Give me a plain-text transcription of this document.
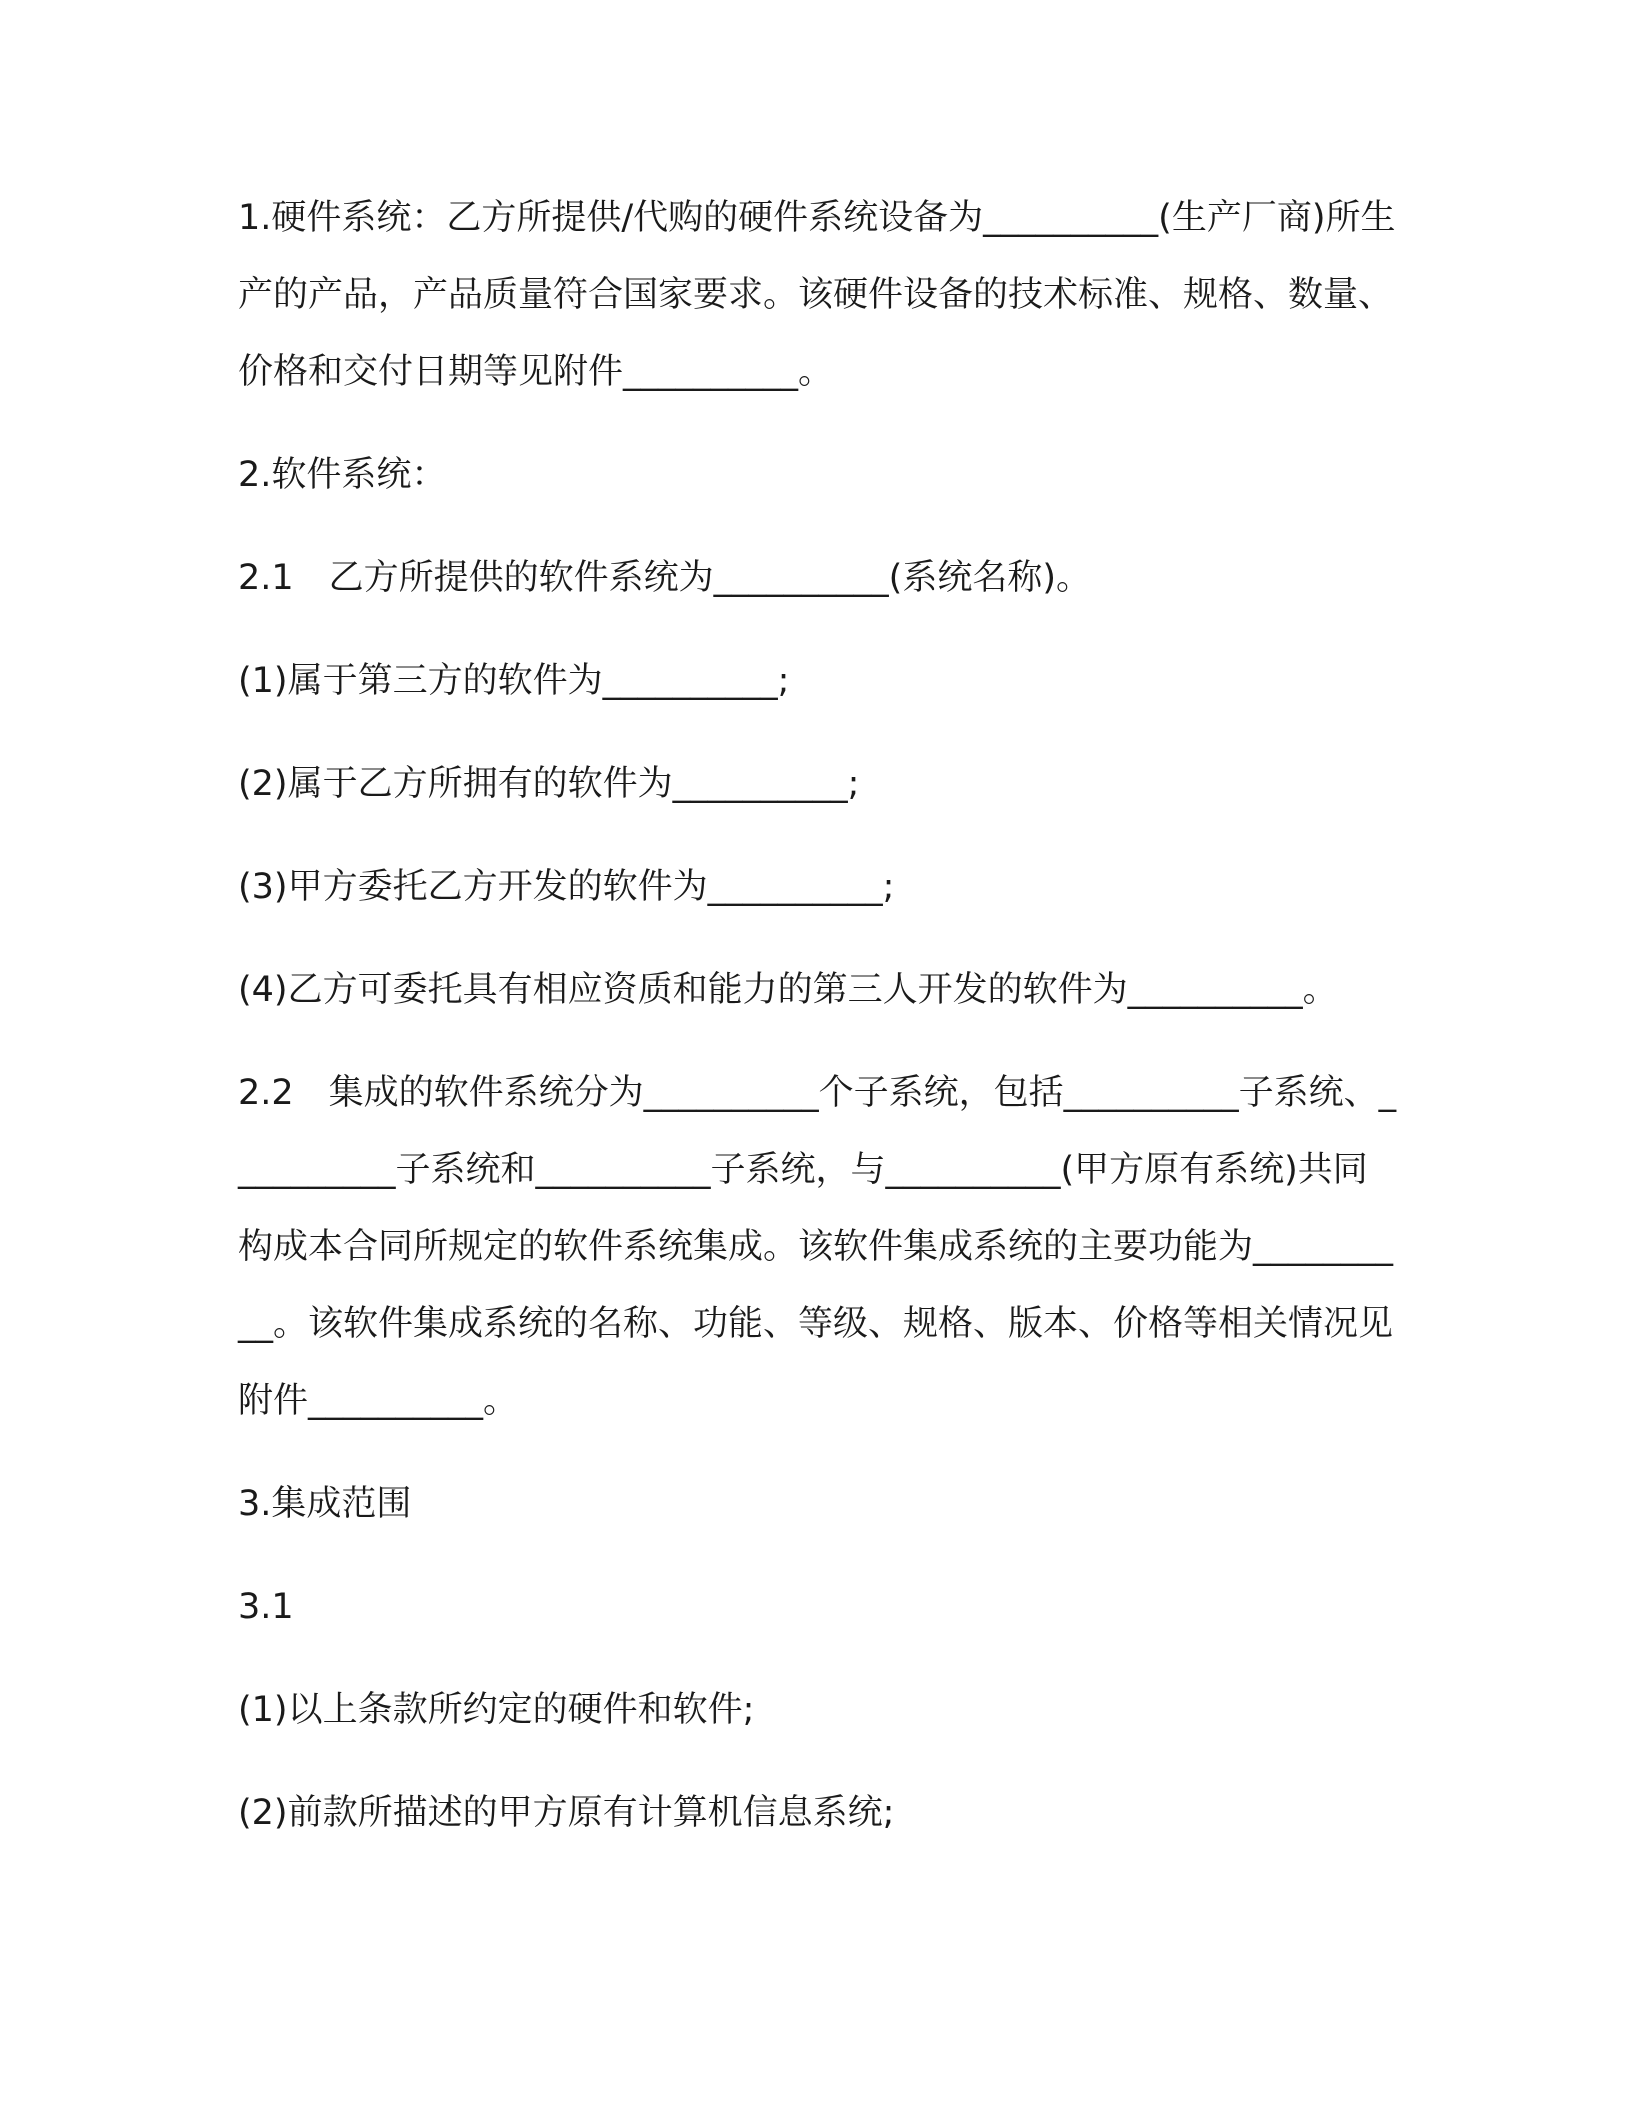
1.硬件系统：乙方所提供/代购的硬件系统设备为__________(生产厂商)所生产的产品，产品质量符合国家要求。该硬件设备的技术标准、规格、数量、价格和交付日期等见附件__________。

2.软件系统：

2.1　乙方所提供的软件系统为__________(系统名称)。

(1)属于第三方的软件为__________;

(2)属于乙方所拥有的软件为__________;

(3)甲方委托乙方开发的软件为__________;

(4)乙方可委托具有相应资质和能力的第三人开发的软件为__________。

2.2　集成的软件系统分为__________个子系统，包括__________子系统、__________子系统和__________子系统，与__________(甲方原有系统)共同构成本合同所规定的软件系统集成。该软件集成系统的主要功能为__________。该软件集成系统的名称、功能、等级、规格、版本、价格等相关情况见附件__________。

3.集成范围

3.1

(1)以上条款所约定的硬件和软件;

(2)前款所描述的甲方原有计算机信息系统;
